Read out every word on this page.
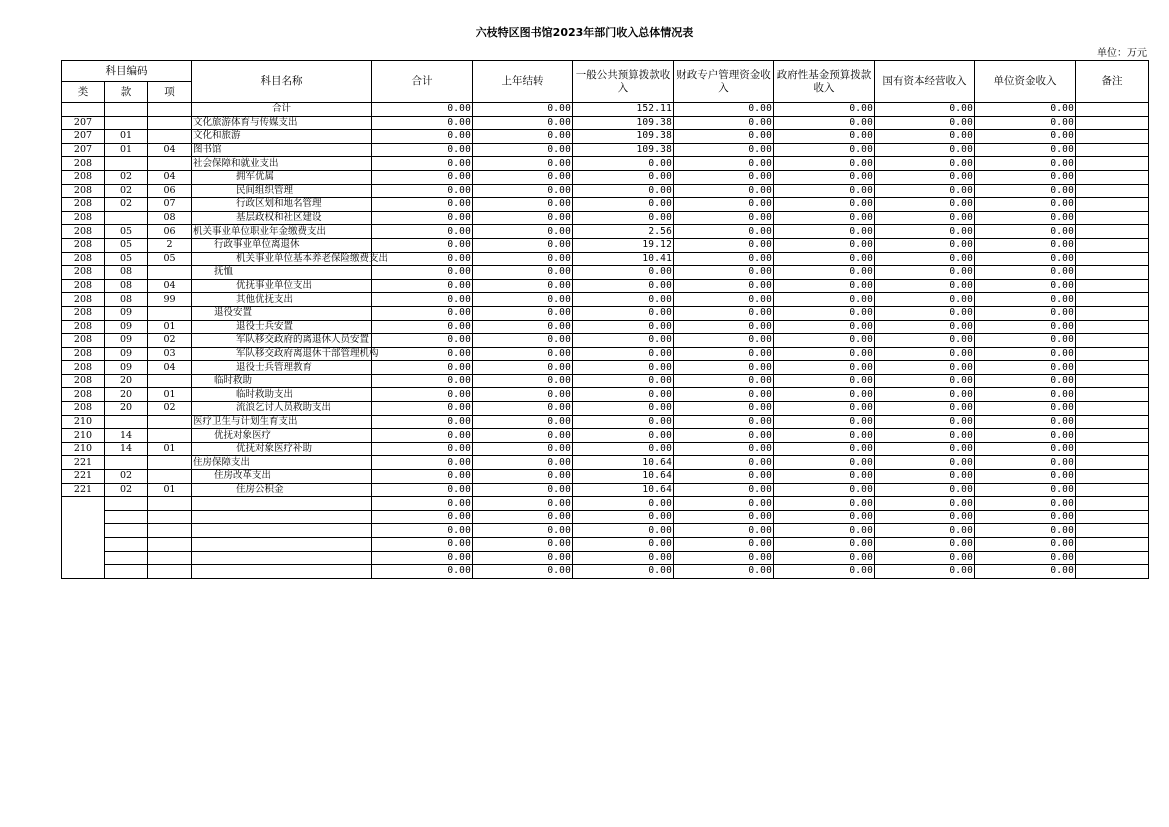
六枝特区图书馆2023年部门收入总体情况表
单位：万元
科目编码			科目名称	合计	上年结转	一般公共预算拨款收入	财政专户管理资金收入	政府性基金预算拨款收入	国有资本经营收入	单位资金收入	备注
类	款	项									
			合计	0.00	0.00	152.11	0.00	0.00	0.00	0.00	
207			文化旅游体育与传媒支出	0.00	0.00	109.38	0.00	0.00	0.00	0.00	
207	01		文化和旅游	0.00	0.00	109.38	0.00	0.00	0.00	0.00	
207	01	04	图书馆	0.00	0.00	109.38	0.00	0.00	0.00	0.00	
208			社会保障和就业支出	0.00	0.00	0.00	0.00	0.00	0.00	0.00	
208	02	04	拥军优属	0.00	0.00	0.00	0.00	0.00	0.00	0.00	
208	02	06	民间组织管理	0.00	0.00	0.00	0.00	0.00	0.00	0.00	
208	02	07	行政区划和地名管理	0.00	0.00	0.00	0.00	0.00	0.00	0.00	
208		08	基层政权和社区建设	0.00	0.00	0.00	0.00	0.00	0.00	0.00	
208	05	06	机关事业单位职业年金缴费支出	0.00	0.00	2.56	0.00	0.00	0.00	0.00	
208	05	2	行政事业单位离退休	0.00	0.00	19.12	0.00	0.00	0.00	0.00	
208	05	05	机关事业单位基本养老保险缴费支出	0.00	0.00	10.41	0.00	0.00	0.00	0.00	
208	08		抚恤	0.00	0.00	0.00	0.00	0.00	0.00	0.00	
208	08	04	优抚事业单位支出	0.00	0.00	0.00	0.00	0.00	0.00	0.00	
208	08	99	其他优抚支出	0.00	0.00	0.00	0.00	0.00	0.00	0.00	
208	09		退役安置	0.00	0.00	0.00	0.00	0.00	0.00	0.00	
208	09	01	退役士兵安置	0.00	0.00	0.00	0.00	0.00	0.00	0.00	
208	09	02	军队移交政府的离退休人员安置	0.00	0.00	0.00	0.00	0.00	0.00	0.00	
208	09	03	军队移交政府离退休干部管理机构	0.00	0.00	0.00	0.00	0.00	0.00	0.00	
208	09	04	退役士兵管理教育	0.00	0.00	0.00	0.00	0.00	0.00	0.00	
208	20		临时救助	0.00	0.00	0.00	0.00	0.00	0.00	0.00	
208	20	01	临时救助支出	0.00	0.00	0.00	0.00	0.00	0.00	0.00	
208	20	02	流浪乞讨人员救助支出	0.00	0.00	0.00	0.00	0.00	0.00	0.00	
210			医疗卫生与计划生育支出	0.00	0.00	0.00	0.00	0.00	0.00	0.00	
210	14		优抚对象医疗	0.00	0.00	0.00	0.00	0.00	0.00	0.00	
210	14	01	优抚对象医疗补助	0.00	0.00	0.00	0.00	0.00	0.00	0.00	
221			住房保障支出	0.00	0.00	10.64	0.00	0.00	0.00	0.00	
221	02		住房改革支出	0.00	0.00	10.64	0.00	0.00	0.00	0.00	
221	02	01	住房公积金	0.00	0.00	10.64	0.00	0.00	0.00	0.00	
				0.00	0.00	0.00	0.00	0.00	0.00	0.00	
				0.00	0.00	0.00	0.00	0.00	0.00	0.00	
				0.00	0.00	0.00	0.00	0.00	0.00	0.00	
				0.00	0.00	0.00	0.00	0.00	0.00	0.00	
				0.00	0.00	0.00	0.00	0.00	0.00	0.00	
				0.00	0.00	0.00	0.00	0.00	0.00	0.00	
